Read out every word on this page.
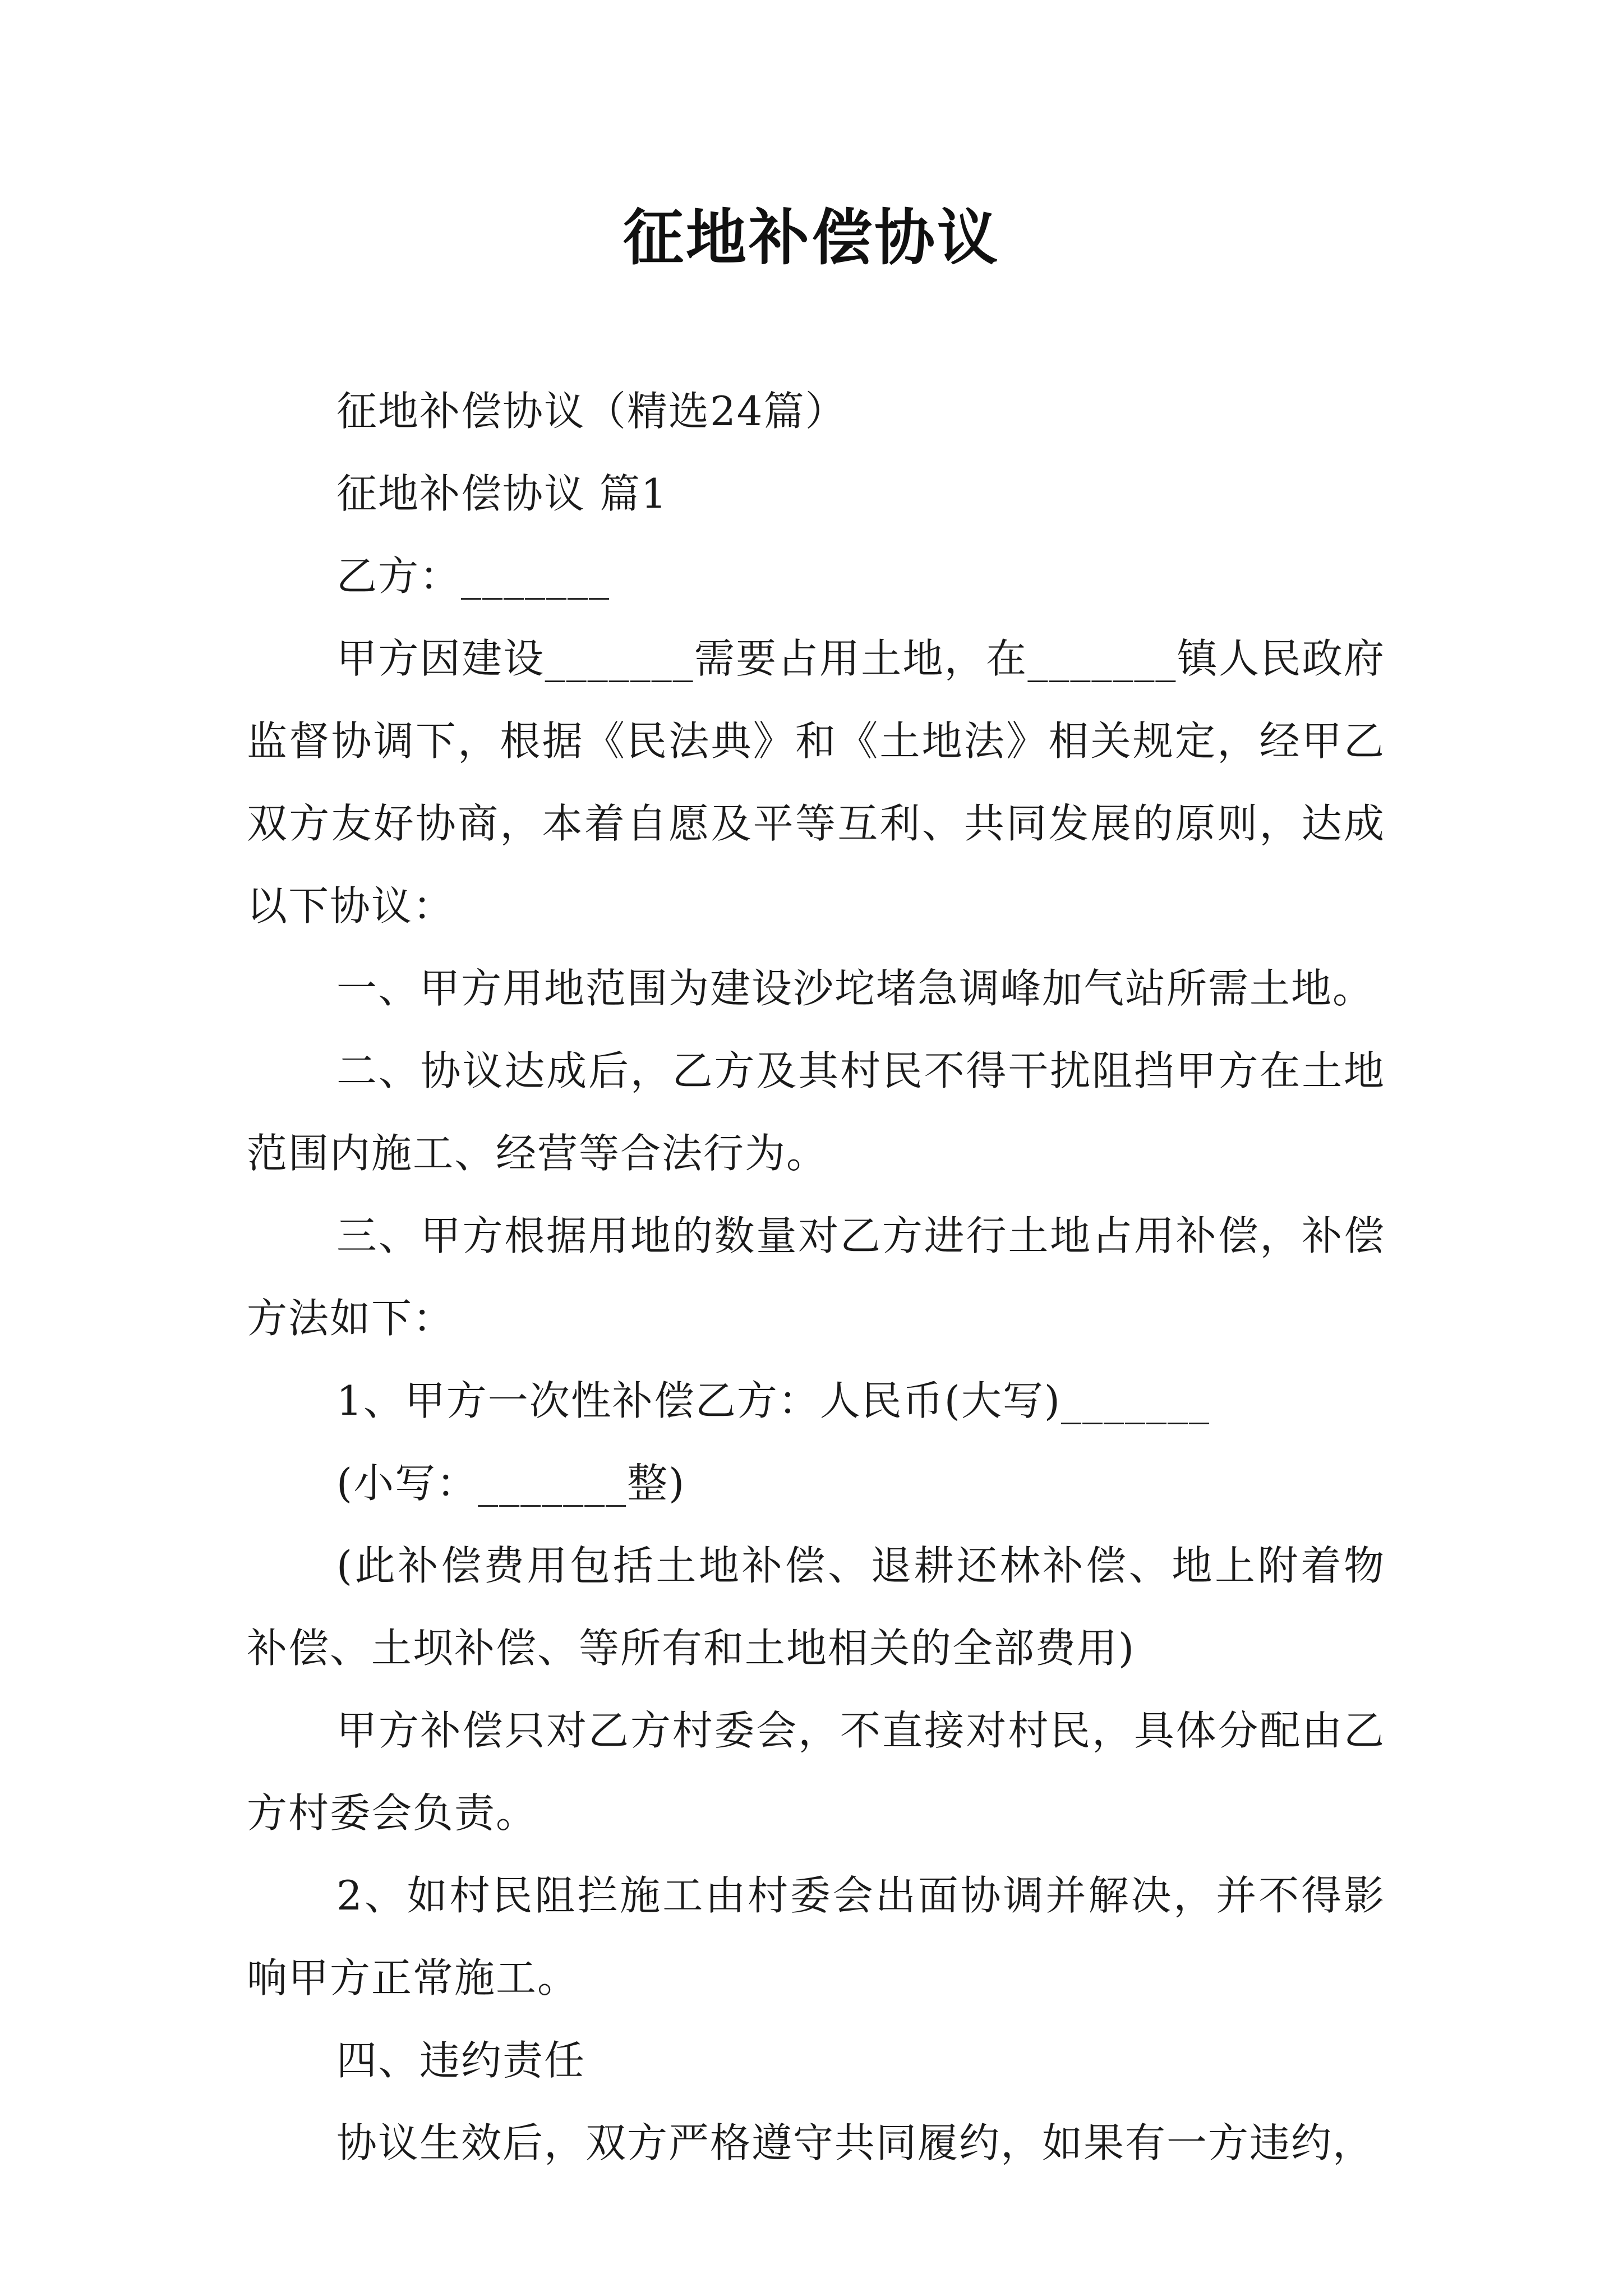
征地补偿协议

征地补偿协议（精选24篇）

征地补偿协议 篇1

乙方：_______

甲方因建设_______需要占用土地，在_______镇人民政府监督协调下，根据《民法典》和《土地法》相关规定，经甲乙双方友好协商，本着自愿及平等互利、共同发展的原则，达成以下协议：

一、甲方用地范围为建设沙坨堵急调峰加气站所需土地。

二、协议达成后，乙方及其村民不得干扰阻挡甲方在土地范围内施工、经营等合法行为。

三、甲方根据用地的数量对乙方进行土地占用补偿，补偿方法如下：

1、甲方一次性补偿乙方：人民币(大写)_______

(小写：_______整)

(此补偿费用包括土地补偿、退耕还林补偿、地上附着物补偿、土坝补偿、等所有和土地相关的全部费用)

甲方补偿只对乙方村委会，不直接对村民，具体分配由乙方村委会负责。

2、如村民阻拦施工由村委会出面协调并解决，并不得影响甲方正常施工。

四、违约责任

协议生效后，双方严格遵守共同履约，如果有一方违约，
